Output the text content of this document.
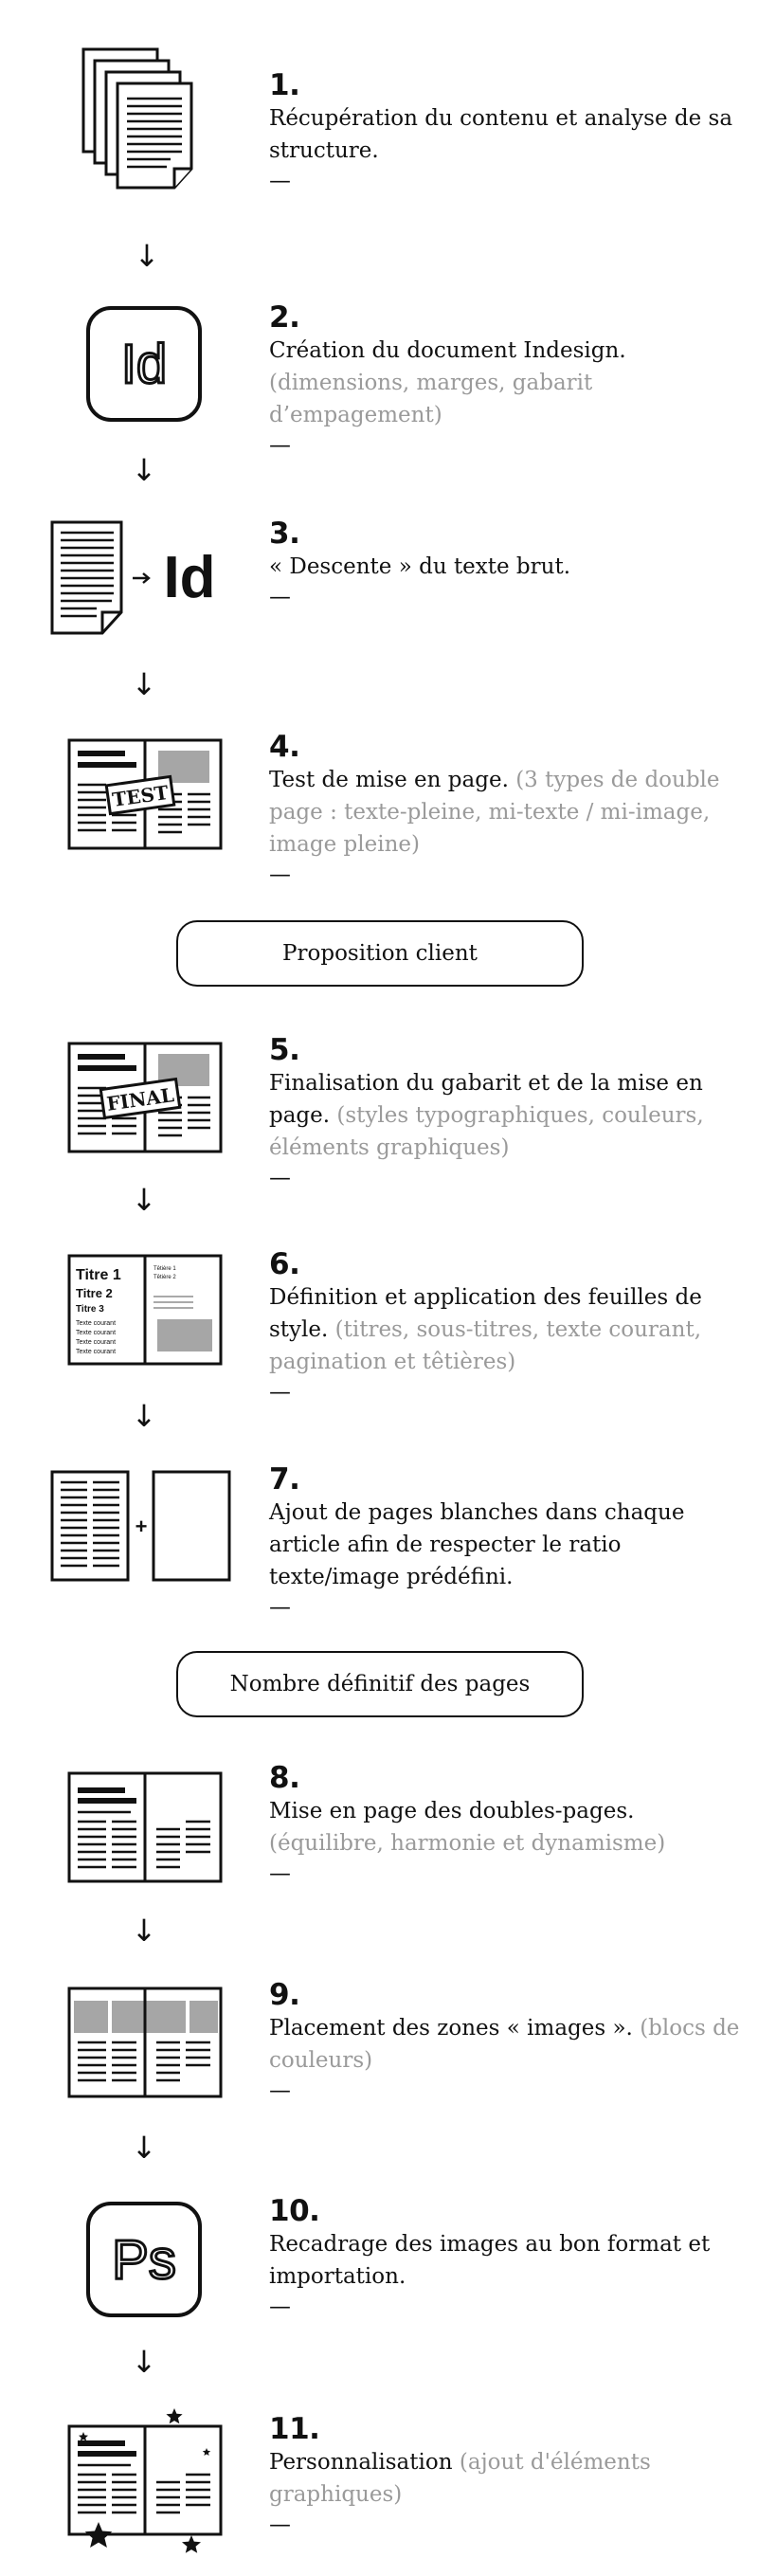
1.
Récupération du contenu et analyse de sa structure.
—
2.
Création du document Indesign. (dimensions, marges, gabarit d’empagement)
—
3.
« Descente » du texte brut.
—
4.
Test de mise en page. (3 types de double page : texte-pleine, mi-texte / mi-image, image pleine)
—
Proposition client
5.
Finalisation du gabarit et de la mise en page. (styles typographiques, couleurs, éléments graphiques)
—
6.
Définition et application des feuilles de style. (titres, sous-titres, texte courant, pagination et têtières)
—
7.
Ajout de pages blanches dans chaque article afin de respecter le ratio texte/image prédéfini.
—
Nombre définitif des pages
8.
Mise en page des doubles-pages. (équilibre, harmonie et dynamisme)
—
9.
Placement des zones « images ». (blocs de couleurs)
—
10.
Recadrage des images au bon format et importation.
—
11.
Personnalisation (ajout d'éléments graphiques)
—
↓
↓
↓
↓
↓
↓
↓
↓
Id
Id
TEST
FINAL
Titre 1
Titre 2
Titre 3
Texte courant
Texte courant
Texte courant
Texte courant
Têtière 1
Têtière 2
+
Ps
